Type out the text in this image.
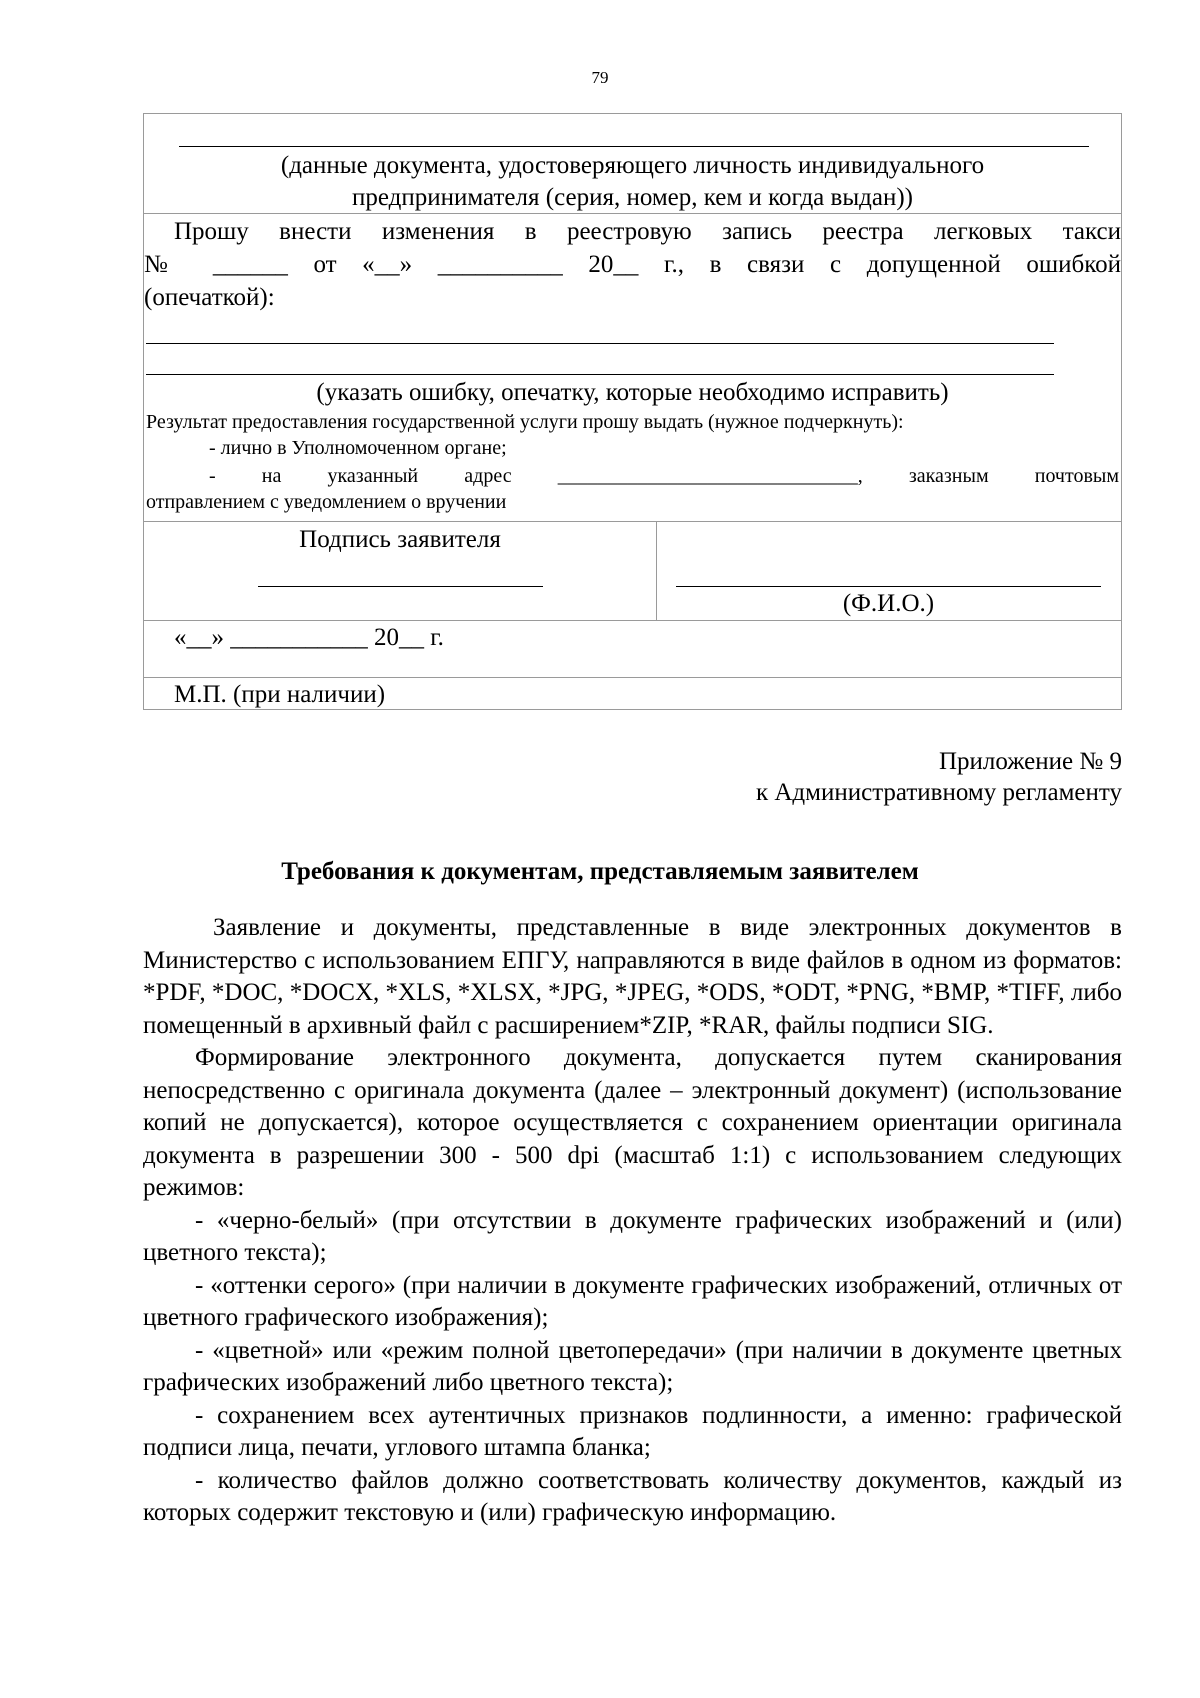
79
(данные документа, удостоверяющего личность индивидуального
предпринимателя (серия, номер, кем и когда выдан))
Прошу внести изменения в реестровую запись реестра легковых такси
№ ______ от «__» __________ 20__ г., в связи с допущенной ошибкой
(опечаткой):
(указать ошибку, опечатку, которые необходимо исправить)
Результат предоставления государственной услуги прошу выдать (нужное подчеркнуть):
- лично в Уполномоченном органе;
- на указанный адрес ______________________________, заказным почтовым
отправлением с уведомлением о вручении
Подпись заявителя
(Ф.И.О.)
«__» ___________ 20__ г.
М.П. (при наличии)
Приложение № 9
к Административному регламенту
Требования к документам, представляемым заявителем

Заявление и документы, представленные в виде электронных документов в Министерство с использованием ЕПГУ, направляются в виде файлов в одном из форматов: *PDF, *DOC, *DOCX, *XLS, *XLSX, *JPG, *JPEG, *ODS, *ODT, *PNG, *BMP, *TIFF, либо помещенный в архивный файл с расширением*ZIP, *RAR, файлы подписи SIG.

Формирование электронного документа, допускается путем сканирования непосредственно с оригинала документа (далее – электронный документ) (использование копий не допускается), которое осуществляется с сохранением ориентации оригинала документа в разрешении 300 - 500 dpi (масштаб 1:1) с использованием следующих режимов:

- «черно-белый» (при отсутствии в документе графических изображений и (или) цветного текста);

- «оттенки серого» (при наличии в документе графических изображений, отличных от цветного графического изображения);

- «цветной» или «режим полной цветопередачи» (при наличии в документе цветных графических изображений либо цветного текста);

- сохранением всех аутентичных признаков подлинности, а именно: графической подписи лица, печати, углового штампа бланка;

- количество файлов должно соответствовать количеству документов, каждый из которых содержит текстовую и (или) графическую информацию.
